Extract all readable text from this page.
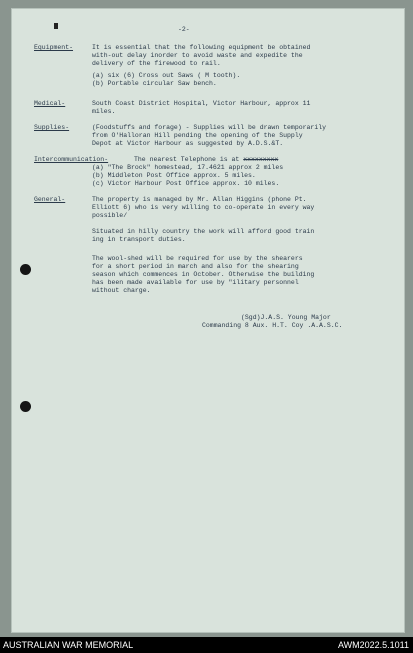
-2-
Equipment-	It is essential that the following equipment be obtained
with-out delay inorder to avoid waste and expedite the
delivery of the firewood to rail.
(a) six (6) Cross out Saws ( M tooth).
(b) Portable circular Saw bench.
Medical-	South Coast District Hospital, Victor Harbour, approx 11
miles.
Supplies-	(Foodstuffs and forage) - Supplies will be drawn temporarily
from O'Halloran Hill pending the opening of the Supply
Depot at Victor Harbour as suggested by A.D.S.&T.
Intercommunication-	The nearest Telephone is at xxxxxxxxx
(a) "The Brock" homestead, 17.4621 approx 2 miles
(b) Middleton Post Office approx. 5 miles.
(c) Victor Harbour Post Office approx. 10 miles.
General-	The property is managed by Mr. Allan Higgins (phone Pt.
Elliott 6) who is very willing to co-operate in every way
possible/
Situated in hilly country the work will afford good train
ing in transport duties.
The wool-shed will be required for use by the shearers
for a short period in march and also for the shearing
season which commences in October. Otherwise the building
has been made available for use by "ilitary personnel
without charge.
(Sgd)J.A.S. Young Major
Commanding 8 Aux. H.T. Coy .A.A.S.C.
AUSTRALIAN WAR MEMORIAL	AWM2022.5.1011
